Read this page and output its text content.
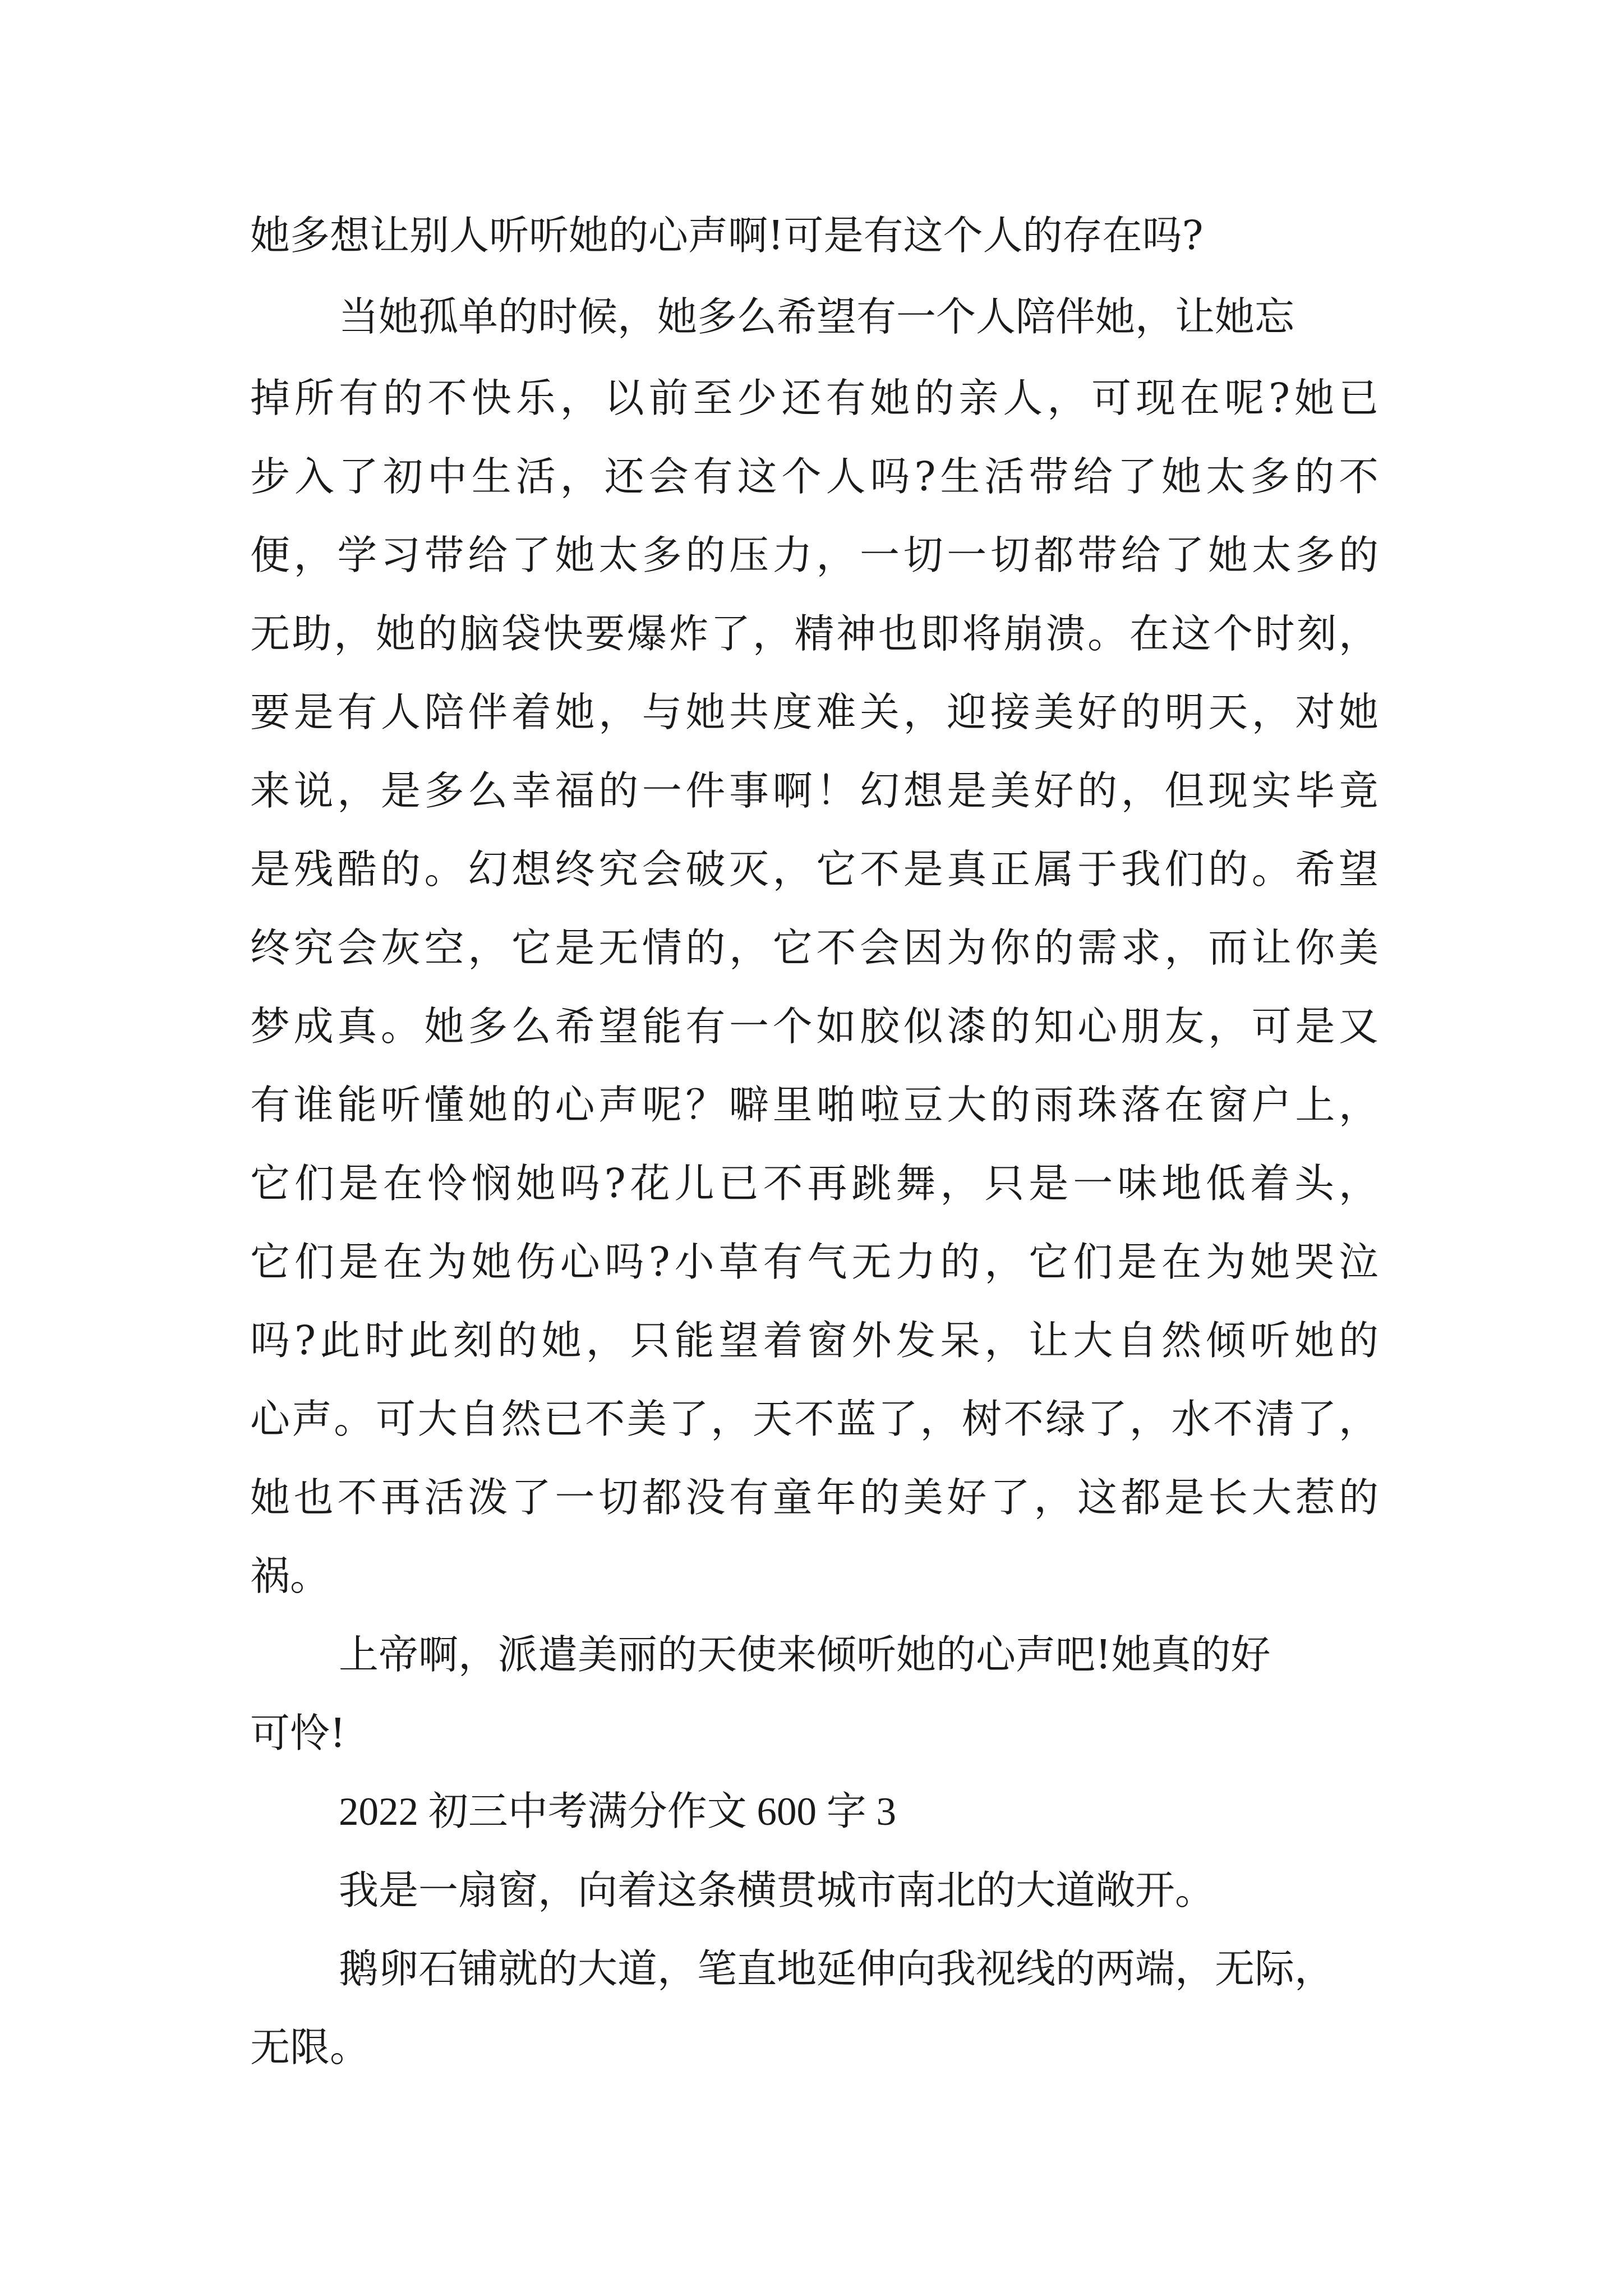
她多想让别人听听她的心声啊!可是有这个人的存在吗?

当她孤单的时候，她多么希望有一个人陪伴她，让她忘

掉所有的不快乐，以前至少还有她的亲人，可现在呢?她已

步入了初中生活，还会有这个人吗?生活带给了她太多的不

便，学习带给了她太多的压力，一切一切都带给了她太多的

无助，她的脑袋快要爆炸了，精神也即将崩溃。在这个时刻，

要是有人陪伴着她，与她共度难关，迎接美好的明天，对她

来说，是多么幸福的一件事啊！幻想是美好的，但现实毕竟

是残酷的。幻想终究会破灭，它不是真正属于我们的。希望

终究会灰空，它是无情的，它不会因为你的需求，而让你美

梦成真。她多么希望能有一个如胶似漆的知心朋友，可是又

有谁能听懂她的心声呢？噼里啪啦豆大的雨珠落在窗户上，

它们是在怜悯她吗?花儿已不再跳舞，只是一味地低着头，

它们是在为她伤心吗?小草有气无力的，它们是在为她哭泣

吗?此时此刻的她，只能望着窗外发呆，让大自然倾听她的

心声。可大自然已不美了，天不蓝了，树不绿了，水不清了，

她也不再活泼了一切都没有童年的美好了，这都是长大惹的

祸。

上帝啊，派遣美丽的天使来倾听她的心声吧!她真的好

可怜!

2022 初三中考满分作文 600 字 3

我是一扇窗，向着这条横贯城市南北的大道敞开。

鹅卵石铺就的大道，笔直地延伸向我视线的两端，无际，

无限。
